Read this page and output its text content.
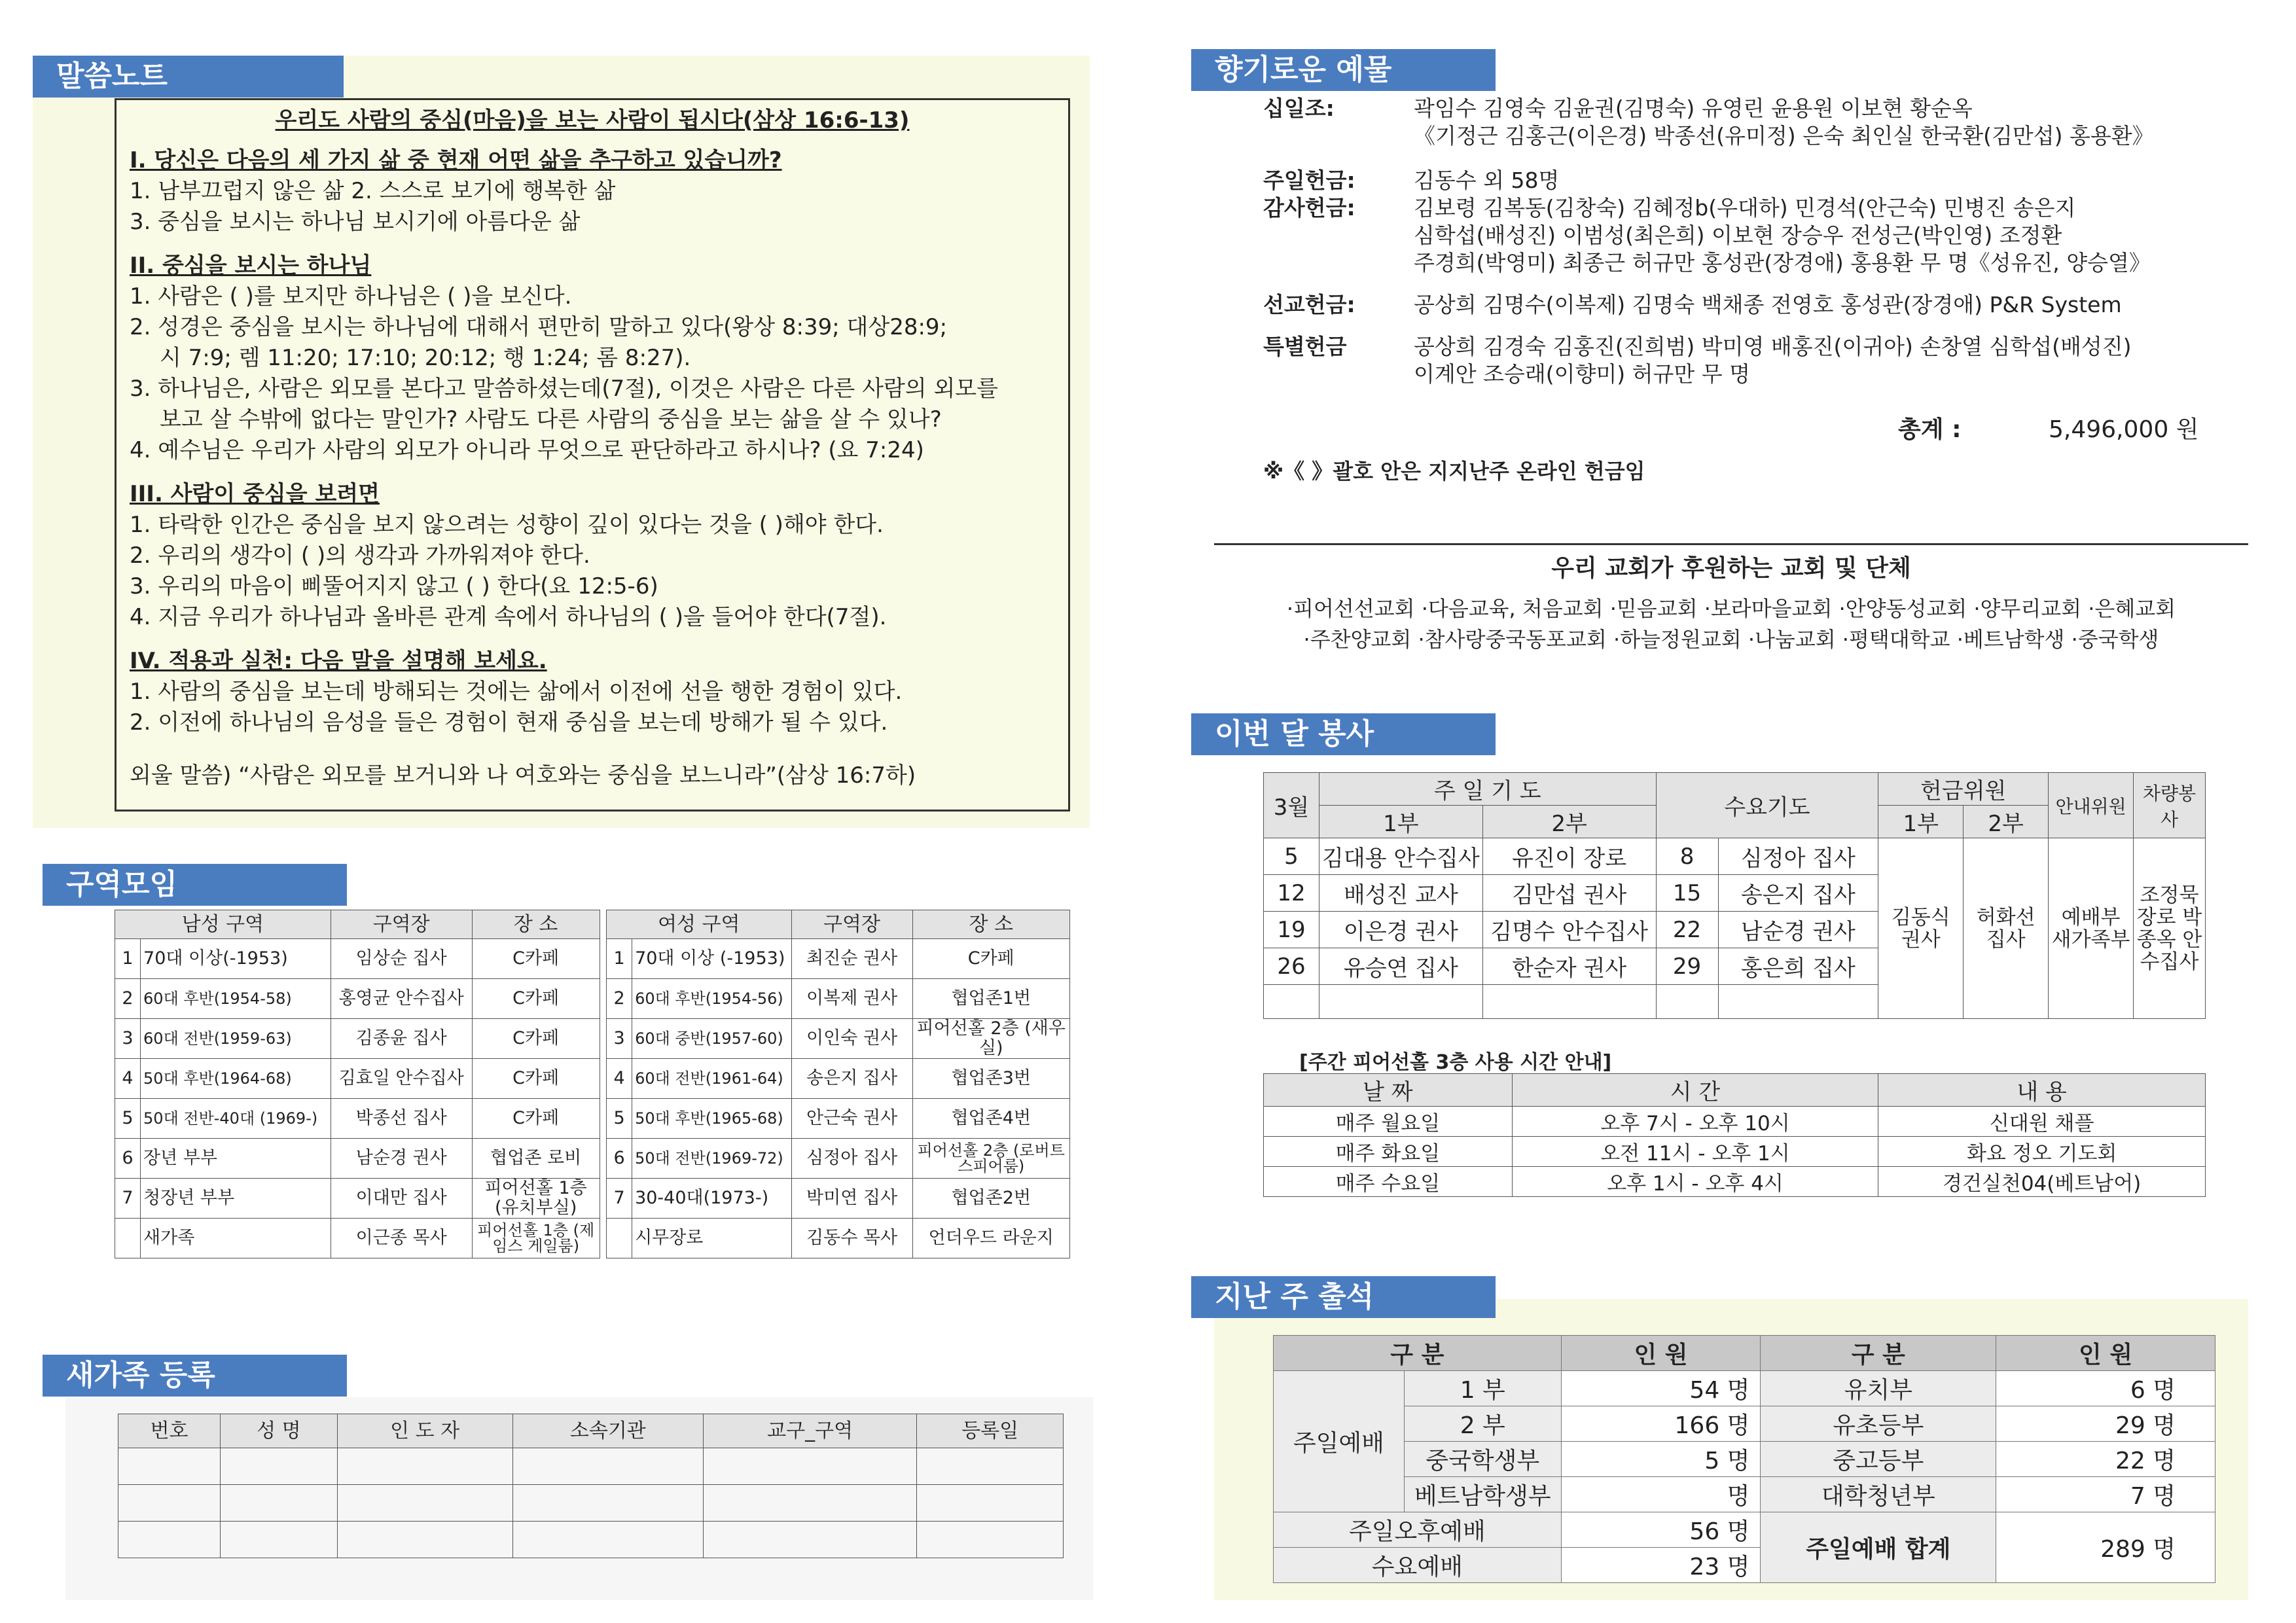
말씀노트

우리도 사람의 중심(마음)을 보는 사람이 됩시다(삼상 16:6-13)

I. 당신은 다음의 세 가지 삶 중 현재 어떤 삶을 추구하고 있습니까?

1. 남부끄럽지 않은 삶 2. 스스로 보기에 행복한 삶

3. 중심을 보시는 하나님 보시기에 아름다운 삶

II. 중심을 보시는 하나님

1. 사람은 ( )를 보지만 하나님은 ( )을 보신다.

2. 성경은 중심을 보시는 하나님에 대해서 편만히 말하고 있다(왕상 8:39; 대상28:9;

시 7:9; 렘 11:20; 17:10; 20:12; 행 1:24; 롬 8:27).

3. 하나님은, 사람은 외모를 본다고 말씀하셨는데(7절), 이것은 사람은 다른 사람의 외모를

보고 살 수밖에 없다는 말인가? 사람도 다른 사람의 중심을 보는 삶을 살 수 있나?

4. 예수님은 우리가 사람의 외모가 아니라 무엇으로 판단하라고 하시나? (요 7:24)

III. 사람이 중심을 보려면

1. 타락한 인간은 중심을 보지 않으려는 성향이 깊이 있다는 것을 ( )해야 한다.

2. 우리의 생각이 ( )의 생각과 가까워져야 한다.

3. 우리의 마음이 삐뚤어지지 않고 ( ) 한다(요 12:5-6)

4. 지금 우리가 하나님과 올바른 관계 속에서 하나님의 ( )을 들어야 한다(7절).

IV. 적용과 실천: 다음 말을 설명해 보세요.

1. 사람의 중심을 보는데 방해되는 것에는 삶에서 이전에 선을 행한 경험이 있다.

2. 이전에 하나님의 음성을 들은 경험이 현재 중심을 보는데 방해가 될 수 있다.

외울 말씀) “사람은 외모를 보거니와 나 여호와는 중심을 보느니라”(삼상 16:7하)

구역모임
남성 구역		구역장	장 소		여성 구역		구역장	장 소
1	70대 이상(-1953)	임상순 집사	C카페		1	70대 이상 (-1953)	최진순 권사	C카페
2	60대 후반(1954-58)	홍영균 안수집사	C카페		2	60대 후반(1954-56)	이복제 권사	협업존1번
3	60대 전반(1959-63)	김종윤 집사	C카페		3	60대 중반(1957-60)	이인숙 권사	피어선홀 2층 (새우실)
4	50대 후반(1964-68)	김효일 안수집사	C카페		4	60대 전반(1961-64)	송은지 집사	협업존3번
5	50대 전반-40대 (1969-)	박종선 집사	C카페		5	50대 후반(1965-68)	안근숙 권사	협업존4번
6	장년 부부	남순경 권사	협업존 로비		6	50대 전반(1969-72)	심정아 집사	피어선홀 2층 (로버트 스피어룸)
7	청장년 부부	이대만 집사	피어선홀 1층 (유치부실)		7	30-40대(1973-)	박미연 집사	협업존2번
	새가족	이근종 목사	피어선홀 1층 (제임스 게일룸)			시무장로	김동수 목사	언더우드 라운지
새가족 등록
번호	성 명	인 도 자	소속기관	교구_구역	등록일

향기로운 예물
십일조:	곽임수 김영숙 김윤권(김명숙) 유영린 윤용원 이보현 황순옥
《기정근 김홍근(이은경) 박종선(유미정) 은숙 최인실 한국환(김만섭) 홍용환》
주일헌금:	김동수 외 58명
감사헌금:	김보령 김복동(김창숙) 김혜정b(우대하) 민경석(안근숙) 민병진 송은지
심학섭(배성진) 이범성(최은희) 이보현 장승우 전성근(박인영) 조정환
주경희(박영미) 최종근 허규만 홍성관(장경애) 홍용환 무 명《성유진, 양승열》
선교헌금:	공상희 김명수(이복제) 김명숙 백채종 전영호 홍성관(장경애) P&R System
특별헌금	공상희 김경숙 김홍진(진희범) 박미영 배홍진(이귀아) 손창열 심학섭(배성진)
이계안 조승래(이향미) 허규만 무 명
총계 :	5,496,000 원
※《 》괄호 안은 지지난주 온라인 헌금임
우리 교회가 후원하는 교회 및 단체
·피어선선교회 ·다음교육, 처음교회 ·믿음교회 ·보라마을교회 ·안양동성교회 ·양무리교회 ·은혜교회
·주찬양교회 ·참사랑중국동포교회 ·하늘정원교회 ·나눔교회 ·평택대학교 ·베트남학생 ·중국학생
이번 달 봉사
3월	주 일 기 도		수요기도		헌금위원		안내위원	차량봉사
	1부	2부			1부	2부		
5	김대용 안수집사	유진이 장로	8	심정아 집사	김동식 권사	허화선 집사	예배부 새가족부	조정묵 장로 박종옥 안수집사
12	배성진 교사	김만섭 권사	15	송은지 집사				
19	이은경 권사	김명수 안수집사	22	남순경 권사				
26	유승연 집사	한순자 권사	29	홍은희 집사				

[주간 피어선홀 3층 사용 시간 안내]
날 짜	시 간	내 용
매주 월요일	오후 7시 - 오후 10시	신대원 채플
매주 화요일	오전 11시 - 오후 1시	화요 정오 기도회
매주 수요일	오후 1시 - 오후 4시	경건실천04(베트남어)
지난 주 출석
구 분		인 원	구 분	인 원
주일예배	1 부	54 명	유치부	6 명
	2 부	166 명	유초등부	29 명
	중국학생부	5 명	중고등부	22 명
	베트남학생부	명	대학청년부	7 명
주일오후예배		56 명	주일예배 합계	289 명
수요예배		23 명		
